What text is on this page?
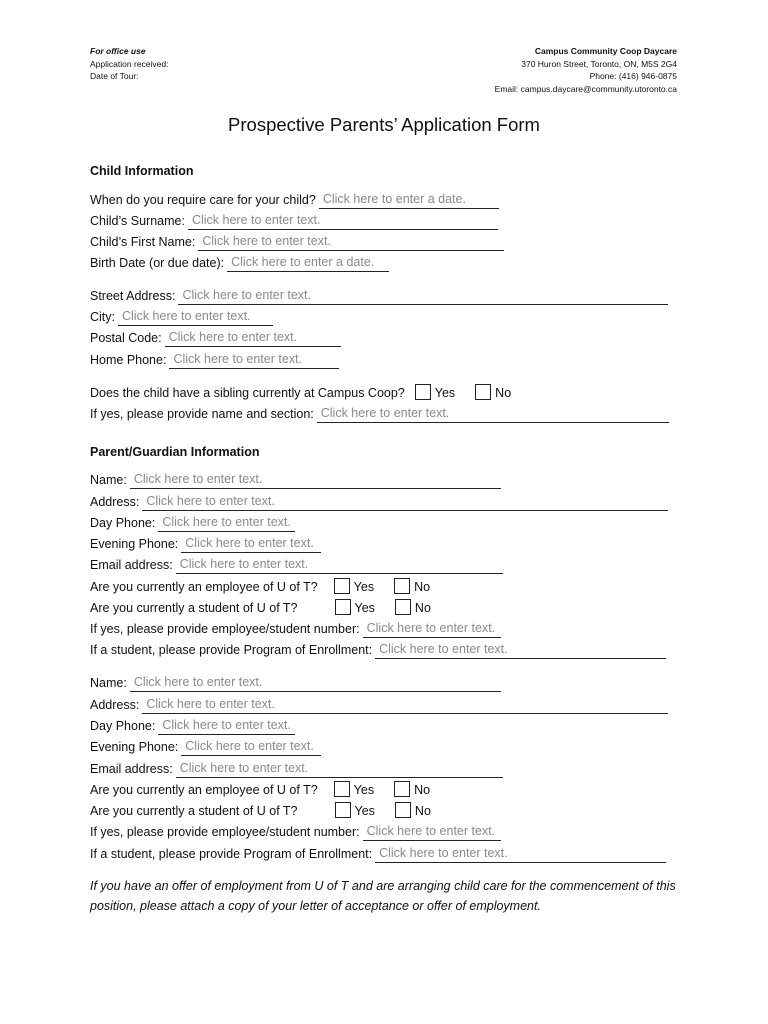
For office use
Application received:
Date of Tour:
Campus Community Coop Daycare
370 Huron Street, Toronto, ON, M5S 2G4
Phone: (416) 946-0875
Email: campus.daycare@community.utoronto.ca
Prospective Parents’ Application Form
Child Information
When do you require care for your child? Click here to enter a date.
Child’s Surname: Click here to enter text.
Child’s First Name: Click here to enter text.
Birth Date (or due date): Click here to enter a date.
Street Address: Click here to enter text.
City: Click here to enter text.
Postal Code: Click here to enter text.
Home Phone: Click here to enter text.
Does the child have a sibling currently at Campus Coop? Yes	No
If yes, please provide name and section: Click here to enter text.
Parent/Guardian Information
Name: Click here to enter text.
Address: Click here to enter text.
Day Phone: Click here to enter text.
Evening Phone: Click here to enter text.
Email address: Click here to enter text.
Are you currently an employee of U of T?	Yes	No
Are you currently a student of U of T?	Yes	No
If yes, please provide employee/student number: Click here to enter text.
If a student, please provide Program of Enrollment: Click here to enter text.
Name: Click here to enter text.
Address: Click here to enter text.
Day Phone: Click here to enter text.
Evening Phone: Click here to enter text.
Email address: Click here to enter text.
Are you currently an employee of U of T?	Yes	No
Are you currently a student of U of T?	Yes	No
If yes, please provide employee/student number: Click here to enter text.
If a student, please provide Program of Enrollment: Click here to enter text.
If you have an offer of employment from U of T and are arranging child care for the commencement of this position, please attach a copy of your letter of acceptance or offer of employment.
